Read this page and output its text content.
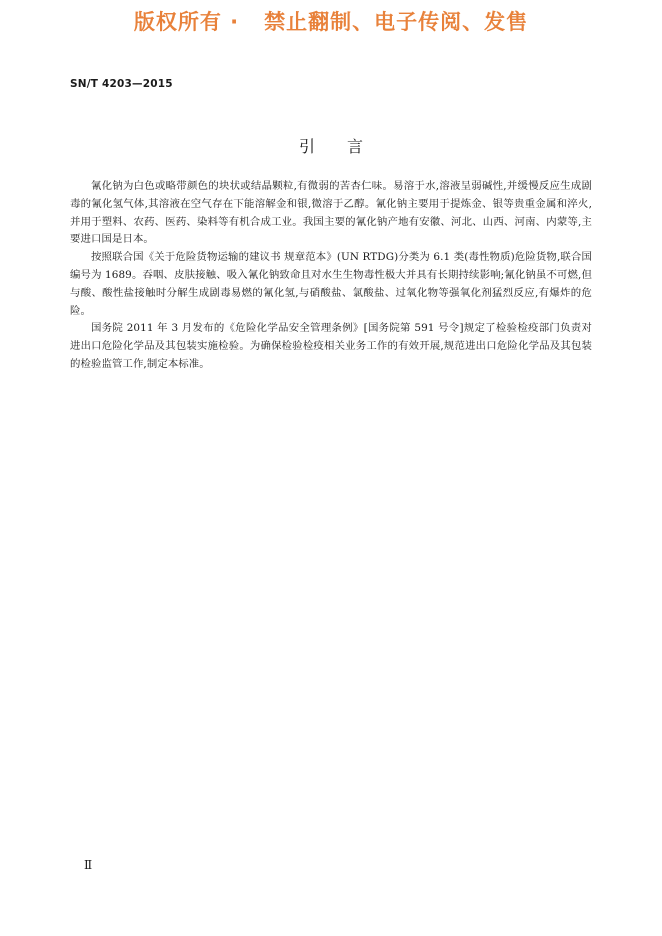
版权所有 ·   禁止翻制、电子传阅、发售
SN/T 4203—2015
引言

氰化钠为白色或略带颜色的块状或结晶颗粒,有微弱的苦杏仁味。易溶于水,溶液呈弱碱性,并缓慢反应生成剧毒的氰化氢气体,其溶液在空气存在下能溶解金和银,微溶于乙醇。氰化钠主要用于提炼金、银等贵重金属和淬火,并用于塑料、农药、医药、染料等有机合成工业。我国主要的氰化钠产地有安徽、河北、山西、河南、内蒙等,主要进口国是日本。

按照联合国《关于危险货物运输的建议书 规章范本》(UN RTDG)分类为 6.1 类(毒性物质)危险货物,联合国编号为 1689。吞咽、皮肤接触、吸入氰化钠致命且对水生生物毒性极大并具有长期持续影响;氰化钠虽不可燃,但与酸、酸性盐接触时分解生成剧毒易燃的氰化氢,与硝酸盐、氯酸盐、过氧化物等强氧化剂猛烈反应,有爆炸的危险。

国务院 2011 年 3 月发布的《危险化学品安全管理条例》[国务院第 591 号令]规定了检验检疫部门负责对进出口危险化学品及其包装实施检验。为确保检验检疫相关业务工作的有效开展,规范进出口危险化学品及其包装的检验监管工作,制定本标准。

Ⅱ
